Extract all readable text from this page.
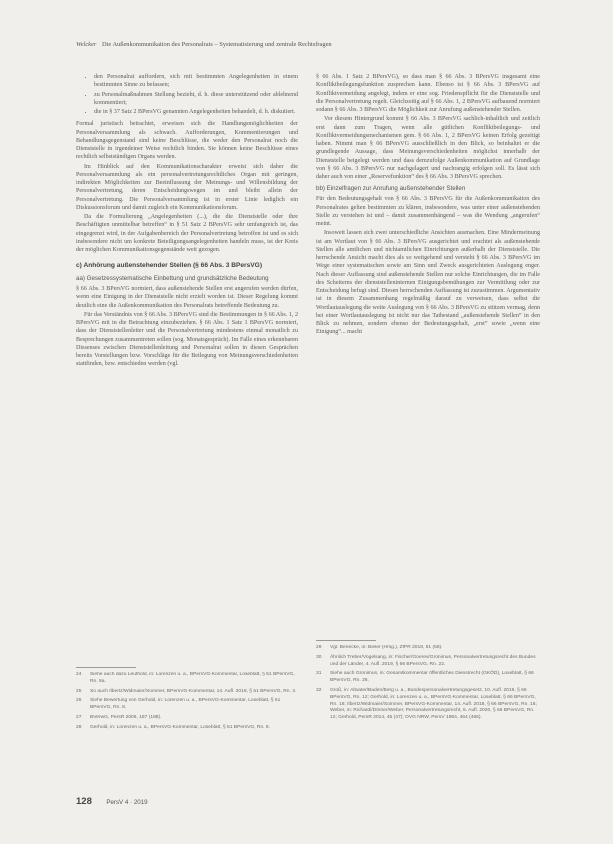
Welcker Die Außenkommunikation des Personalrats – Systematisierung und zentrale Rechtsfragen
• den Personalrat auffordern, sich mit bestimmten Angelegenheiten in einem bestimmten Sinne zu befassen;
• zu Personalmaßnahmen Stellung bezieht, d. h. diese unterstützend oder ablehnend kommentiert;
• die in § 37 Satz 2 BPersVG genannten Angelegenheiten behandelt, d. h. diskutiert.

Formal juristisch betrachtet, erweisen sich die Handlungsmöglichkeiten der Personalversammlung als schwach. Aufforderungen, Kommentierungen und Behandlungsgegenstand sind keine Beschlüsse, die weder den Personalrat noch die Dienststelle in irgendeiner Weise rechtlich binden. Sie können keine Beschlüsse eines rechtlich selbstständigen Organs werden.

Im Hinblick auf den Kommunikationscharakter erweist sich daher die Personalversammlung als ein personalvertretungsrechtliches Organ mit geringen, indirekten Möglichkeiten zur Beeinflussung der Meinungs- und Willensbildung der Personalvertretung, deren Entscheidungswegen im und bleibt allein der Personalvertretung. Die Personalversammlung ist in erster Linie lediglich ein Diskussionsforum und damit zugleich ein Kommunikationsforum.

Da die Formulierung „Angelegenheiten (...), die die Dienststelle oder ihre Beschäftigten unmittelbar betreffen“ in § 51 Satz 2 BPersVG sehr umfangreich ist, das eingegrenzt wird, in der Aufgabenbereich der Personalvertretung betroffen ist und es sich insbesondere nicht um konkrete Beteiligungsangelegenheiten handeln muss, ist der Kreis der möglichen Kommunikationsgegenstände weit gezogen.

c) Anhörung außenstehender Stellen (§ 66 Abs. 3 BPersVG)
aa) Gesetzessystematische Einbettung und grundsätzliche Bedeutung

§ 66 Abs. 3 BPersVG normiert, dass außenstehende Stellen erst angerufen werden dürfen, wenn eine Einigung in der Dienststelle nicht erzielt worden ist. Dieser Regelung kommt deutlich eine die Außenkommunikation des Personalrats betreffende Bedeutung zu.

Für das Verständnis von § 66 Abs. 3 BPersVG sind die Bestimmungen in § 66 Abs. 1, 2 BPersVG mit in die Betrachtung einzubeziehen. § 66 Abs. 1 Satz 1 BPersVG normiert, dass der Dienststellenleiter und die Personalvertretung mindestens einmal monatlich zu Besprechungen zusammentreten sollen (sog. Monatsgespräch). Im Falle eines erkennbaren Dissenses zwischen Dienststellenleitung und Personalrat sollen in diesen Gesprächen bereits Vorstellungen bzw. Vorschläge für die Beilegung von Meinungsverschiedenheiten stattfinden, bzw. entschieden werden (vgl.

§ 66 Abs. 1 Satz 2 BPersVG), so dass man § 66 Abs. 3 BPersVG insgesamt eine Konfliktbeilegungsfunktion zusprechen kann. Ebenso ist § 66 Abs. 3 BPersVG auf Konfliktvermeidung angelegt, indem er eine sog. Friedenspflicht für die Dienststelle und die Personalvertretung regelt. Gleichzeitig auf § 66 Abs. 1, 2 BPersVG aufbauend normiert sodann § 66 Abs. 3 BPersVG die Möglichkeit zur Anrufung außenstehender Stellen.

Vor diesem Hintergrund kommt § 66 Abs. 3 BPersVG sachlich-inhaltlich und zeitlich erst dann zum Tragen, wenn alle gütlichen Konfliktbeilegungs- und Konfliktvermeidungsmechanismen gem. § 66 Abs. 1, 2 BPersVG keinen Erfolg gezeitigt haben. Nimmt man § 66 BPersVG ausschließlich in den Blick, so beinhaltet er die grundlegende Aussage, dass Meinungsverschiedenheiten möglichst innerhalb der Dienststelle beigelegt werden und dass demzufolge Außenkommunikation auf Grundlage von § 66 Abs. 3 BPersVG nur nachgelagert und nachrangig erfolgen soll. Es lässt sich daher auch von einer „Reservefunktion“ des § 66 Abs. 3 BPersVG sprechen.

bb) Einzelfragen zur Anrufung außenstehender Stellen

Für den Bedeutungsgehalt von § 66 Abs. 3 BPersVG für die Außenkommunikation des Personalrates gelten bestimmten zu klären, insbesondere, was unter einer außenstehenden Stelle zu verstehen ist und – damit zusammenhängend – was die Wendung „angerufen“ meint.

Insoweit lassen sich zwei unterschiedliche Ansichten ausmachen. Eine Mindermeinung ist am Wortlaut von § 66 Abs. 3 BPersVG ausgerichtet und erachtet als außenstehende Stellen alle amtlichen und nichtamtlichen Einrichtungen außerhalb der Dienststelle. Die herrschende Ansicht macht dies als so weitgehend und versteht § 66 Abs. 3 BPersVG im Wege einer systematischen sowie am Sinn und Zweck ausgerichteten Auslegung enger. Nach dieser Auffassung sind außenstehende Stellen nur solche Einrichtungen, die im Falle des Scheiterns der dienststelleninternen Einigungsbemühungen zur Vermittlung oder zur Entscheidung befugt sind. Diesen herrschenden Auffassung ist zuzustimmen. Argumentativ ist in diesem Zusammenhang regelmäßig darauf zu verweisen, dass selbst die Wortlautauslegung die weite Auslegung von § 66 Abs. 3 BPersVG zu stützen vermag, denn bei einer Wortlautauslegung ist nicht nur das Tatbestand „außenstehende Stellen“ in den Blick zu nehmen, sondern ebenso der Bedeutungsgehalt, „erst“ sowie „wenn eine Einigung“... macht

24	Siehe auch dazu Leuthold, in: Lorenzen u. a., BPersVG-Kommentar, Loseblatt, § 51 BPersVG, Rn. 8a.
25	So auch Ilbertz/Widmaier/Sommer, BPersVG-Kommentar, 14. Aufl. 2018, § 51 BPersVG, Rn. 3.
26	Siehe Bewertung von Gerhold, in: Lorenzen u. a., BPersVG-Kommentar, Loseblatt, § 51 BPersVG, Rn. 8.
27	BVerwG, PersR 2006, 187 (188).
28	Gerhold, in: Lorenzen u. a., BPersVG-Kommentar, Loseblatt, § 51 BPersVG, Rn. 8.
29	Vgl. Benecke, in: Bieler (Hrsg.), ZfPR 2018, 51 (58).
30	Ähnlich Treber/Vogelsang, in: Fischer/Goeres/Gronimus, Personalvertretungsrecht des Bundes und der Länder, 4. Aufl. 2019, § 66 BPersVG, Rn. 22.
31	Siehe auch Gronimus, in: Gesamtkommentar öffentliches Dienstrecht (GKÖD), Loseblatt, § 66 BPersVG, Rn. 26.
32	Groß, in: Altvater/Baden/Berg u. a., Bundespersonalvertretungsgesetz, 10. Aufl. 2019, § 66 BPersVG, Rn. 12; Gerhold, in: Lorenzen u. a., BPersVG-Kommentar, Loseblatt, § 66 BPersVG, Rn. 16; Ilbertz/Widmaier/Sommer, BPersVG-Kommentar, 14. Aufl. 2018, § 66 BPersVG, Rn. 16; Weber, in: Richardi/Dörner/Weber, Personalvertretungsrecht, 5. Aufl. 2020, § 66 BPersVG, Rn. 12; Gerhold, PersR 2014, 45 (47); OVG NRW, PersV 1984, 464 (465).
128 PersV 4 · 2019
